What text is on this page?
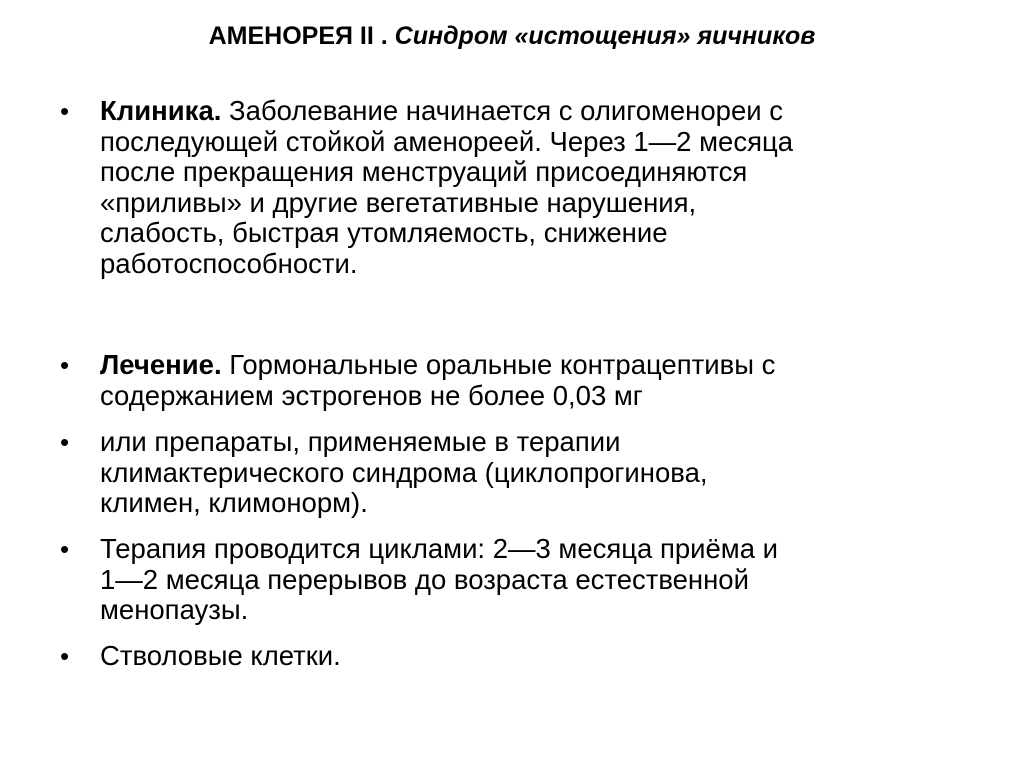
АМЕНОРЕЯ II . Синдром «истощения» яичников
• Клиника. Заболевание начинается с олигоменореи с
последующей стойкой аменореей. Через 1—2 месяца
после прекращения менструаций присоединяются
«приливы» и другие вегетативные нарушения,
слабость, быстрая утомляемость, снижение
работоспособности.
• Лечение. Гормональные оральные контрацептивы с
содержанием эстрогенов не более 0,03 мг
• или препараты, применяемые в терапии
климактерического синдрома (циклопрогинова,
климен, климонорм).
• Терапия проводится циклами: 2—3 месяца приёма и
1—2 месяца перерывов до возраста естественной
менопаузы.
• Стволовые клетки.
